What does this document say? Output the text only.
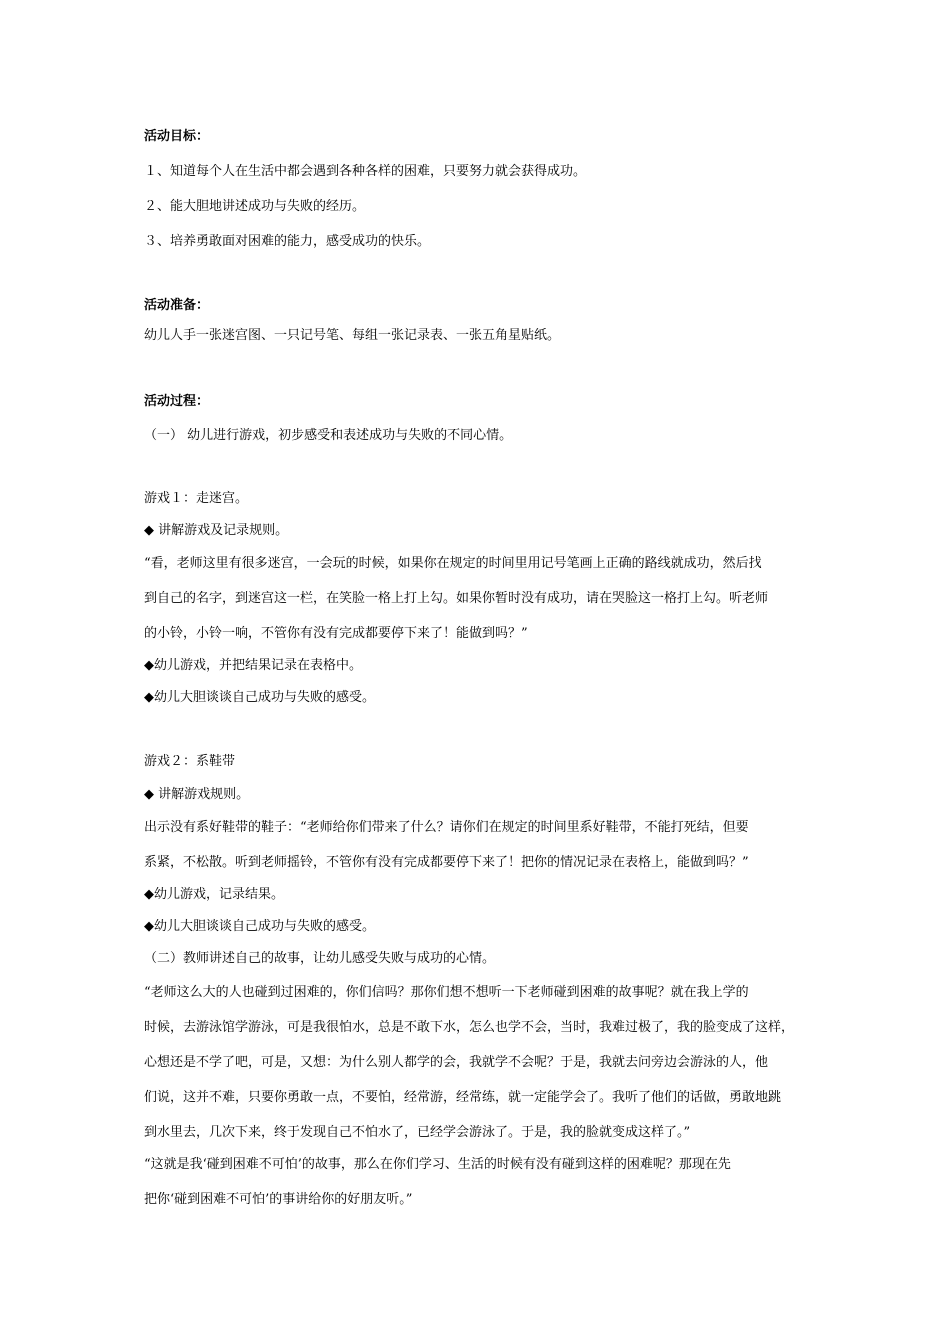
活动目标：
１、知道每个人在生活中都会遇到各种各样的困难，只要努力就会获得成功。
２、能大胆地讲述成功与失败的经历。
３、培养勇敢面对困难的能力，感受成功的快乐。
活动准备：
幼儿人手一张迷宫图、一只记号笔、每组一张记录表、一张五角星贴纸。
活动过程：
（一） 幼儿进行游戏，初步感受和表述成功与失败的不同心情。
游戏１：走迷宫。
◆ 讲解游戏及记录规则。
“看，老师这里有很多迷宫，一会玩的时候，如果你在规定的时间里用记号笔画上正确的路线就成功，然后找
到自己的名字，到迷宫这一栏，在笑脸一格上打上勾。如果你暂时没有成功，请在哭脸这一格打上勾。听老师
的小铃，小铃一响，不管你有没有完成都要停下来了！能做到吗？”
◆幼儿游戏，并把结果记录在表格中。
◆幼儿大胆谈谈自己成功与失败的感受。
游戏２：系鞋带
◆ 讲解游戏规则。
出示没有系好鞋带的鞋子：“老师给你们带来了什么？请你们在规定的时间里系好鞋带，不能打死结，但要
系紧，不松散。听到老师摇铃，不管你有没有完成都要停下来了！把你的情况记录在表格上，能做到吗？”
◆幼儿游戏，记录结果。
◆幼儿大胆谈谈自己成功与失败的感受。
（二）教师讲述自己的故事，让幼儿感受失败与成功的心情。
“老师这么大的人也碰到过困难的，你们信吗？那你们想不想听一下老师碰到困难的故事呢？就在我上学的
时候，去游泳馆学游泳，可是我很怕水，总是不敢下水，怎么也学不会，当时，我难过极了，我的脸变成了这样，
心想还是不学了吧，可是，又想：为什么别人都学的会，我就学不会呢？于是，我就去问旁边会游泳的人，他
们说，这并不难，只要你勇敢一点，不要怕，经常游，经常练，就一定能学会了。我听了他们的话做，勇敢地跳
到水里去，几次下来，终于发现自己不怕水了，已经学会游泳了。于是，我的脸就变成这样了。”
“这就是我‘碰到困难不可怕’的故事，那么在你们学习、生活的时候有没有碰到这样的困难呢？那现在先
把你‘碰到困难不可怕’的事讲给你的好朋友听。”
